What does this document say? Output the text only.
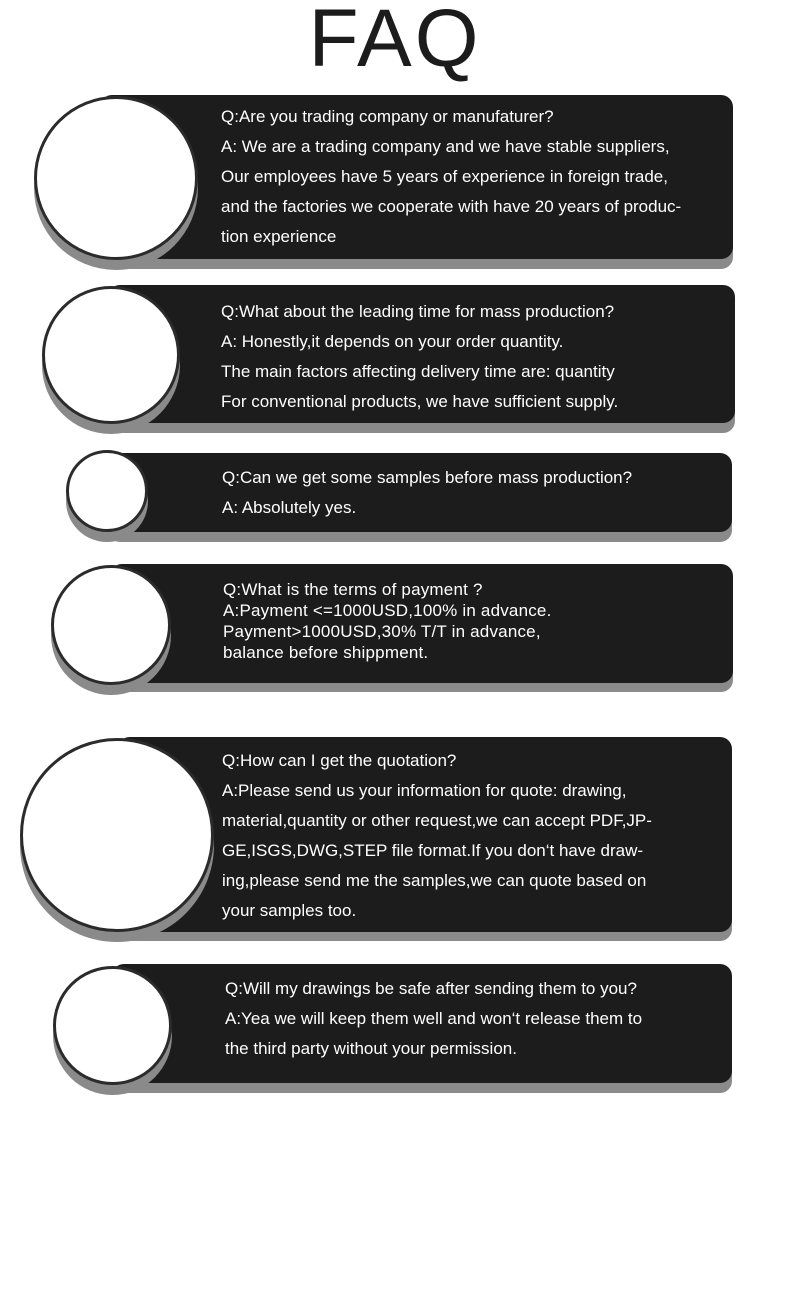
FAQ
Q:Are you trading company or manufaturer?
A: We are a trading company and we have stable suppliers,
Our employees have 5 years of experience in foreign trade,
and the factories we cooperate with have 20 years of produc-
tion experience
Q:What about the leading time for mass production?
A: Honestly,it depends on your order quantity.
The main factors affecting delivery time are: quantity
For conventional products, we have sufficient supply.
Q:Can we get some samples before mass production?
A: Absolutely yes.
Q:What is the terms of payment ?
A:Payment <=1000USD,100% in advance.
Payment>1000USD,30% T/T in advance,
balance before shippment.
Q:How can I get the quotation?
A:Please send us your information for quote: drawing,
material,quantity or other request,we can accept PDF,JP-
GE,ISGS,DWG,STEP file format.If you don‘t have draw-
ing,please send me the samples,we can quote based on
your samples too.
Q:Will my drawings be safe after sending them to you?
A:Yea we will keep them well and won‘t release them to
the third party without your permission.
